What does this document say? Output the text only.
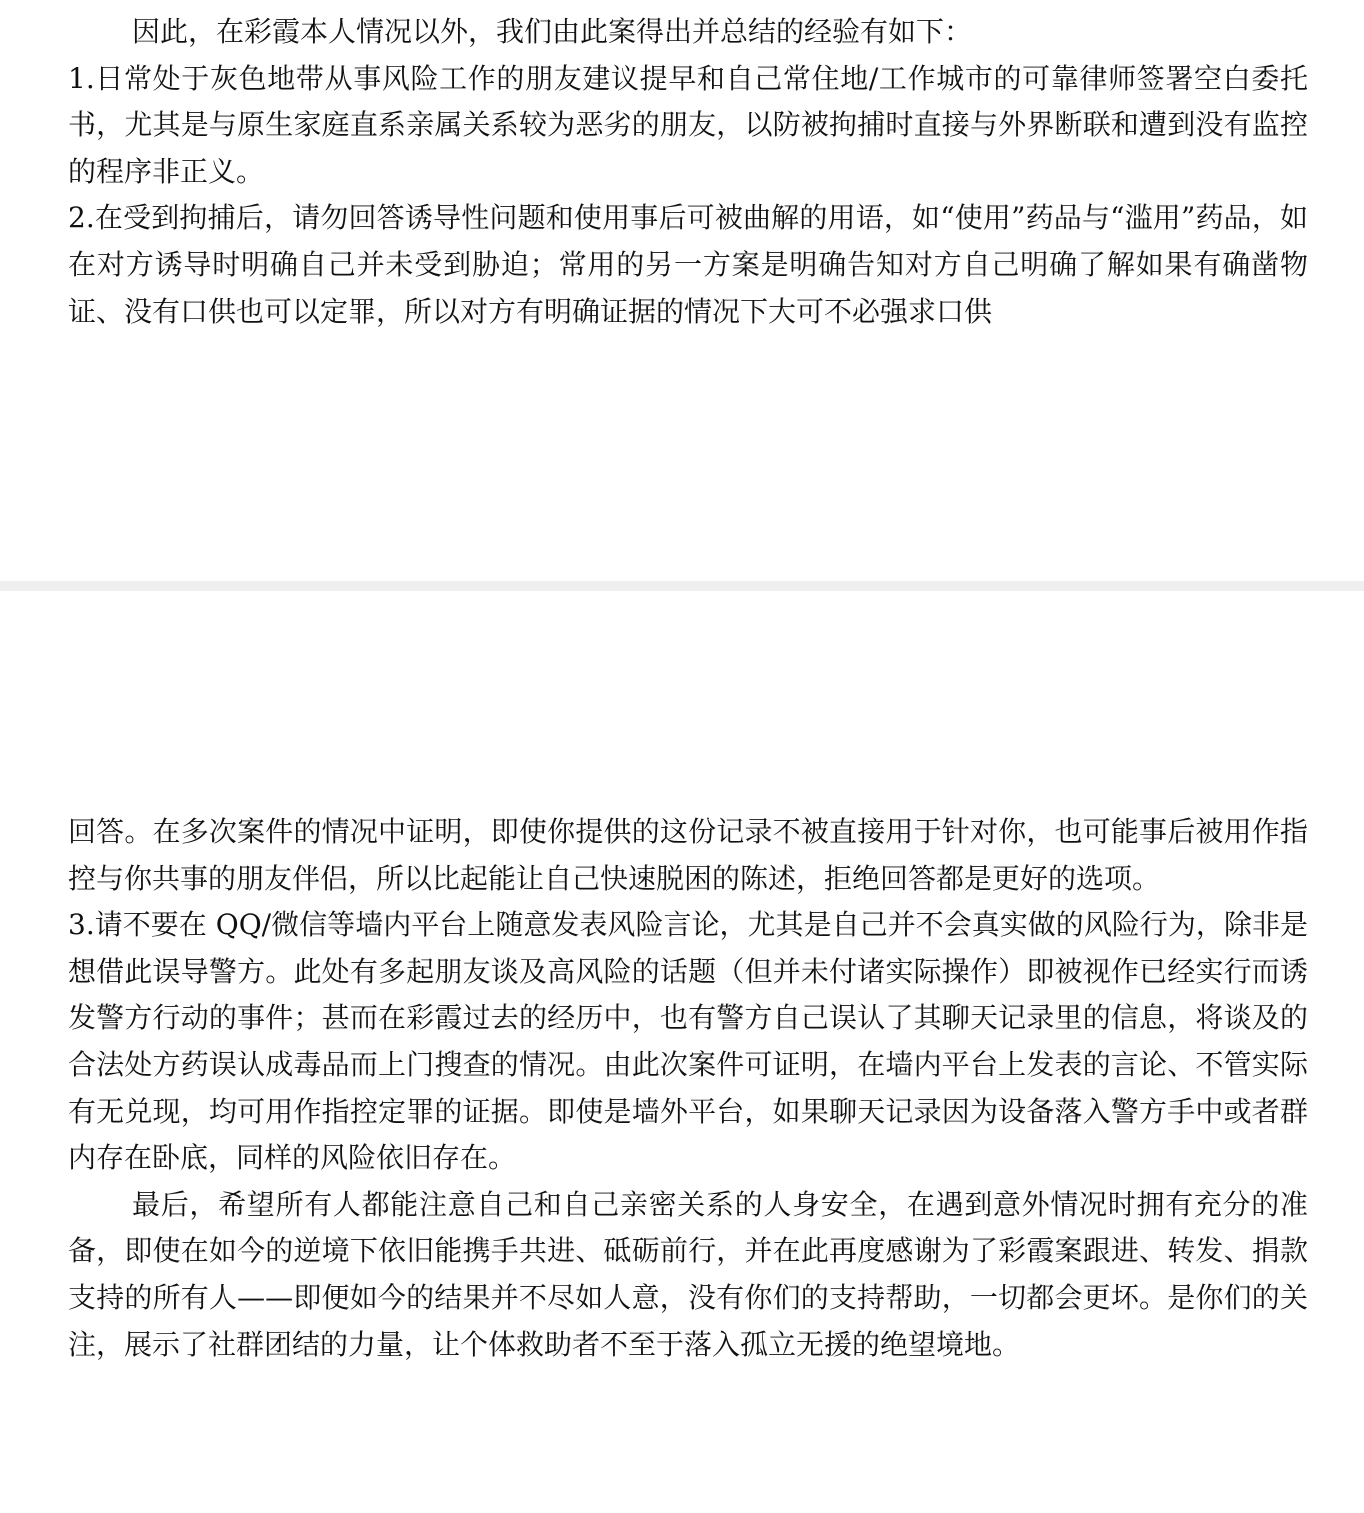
因此，在彩霞本人情况以外，我们由此案得出并总结的经验有如下：

1.日常处于灰色地带从事风险工作的朋友建议提早和自己常住地/工作城市的可靠律师签署空白委托书，尤其是与原生家庭直系亲属关系较为恶劣的朋友，以防被拘捕时直接与外界断联和遭到没有监控的程序非正义。

2.在受到拘捕后，请勿回答诱导性问题和使用事后可被曲解的用语，如“使用”药品与“滥用”药品，如在对方诱导时明确自己并未受到胁迫；常用的另一方案是明确告知对方自己明确了解如果有确凿物证、没有口供也可以定罪，所以对方有明确证据的情况下大可不必强求口供

回答。在多次案件的情况中证明，即使你提供的这份记录不被直接用于针对你，也可能事后被用作指控与你共事的朋友伴侣，所以比起能让自己快速脱困的陈述，拒绝回答都是更好的选项。

3.请不要在 QQ/微信等墙内平台上随意发表风险言论，尤其是自己并不会真实做的风险行为，除非是想借此误导警方。此处有多起朋友谈及高风险的话题（但并未付诸实际操作）即被视作已经实行而诱发警方行动的事件；甚而在彩霞过去的经历中，也有警方自己误认了其聊天记录里的信息，将谈及的合法处方药误认成毒品而上门搜查的情况。由此次案件可证明，在墙内平台上发表的言论、不管实际有无兑现，均可用作指控定罪的证据。即使是墙外平台，如果聊天记录因为设备落入警方手中或者群内存在卧底，同样的风险依旧存在。

最后，希望所有人都能注意自己和自己亲密关系的人身安全，在遇到意外情况时拥有充分的准备，即使在如今的逆境下依旧能携手共进、砥砺前行，并在此再度感谢为了彩霞案跟进、转发、捐款支持的所有人——即便如今的结果并不尽如人意，没有你们的支持帮助，一切都会更坏。是你们的关注，展示了社群团结的力量，让个体救助者不至于落入孤立无援的绝望境地。
